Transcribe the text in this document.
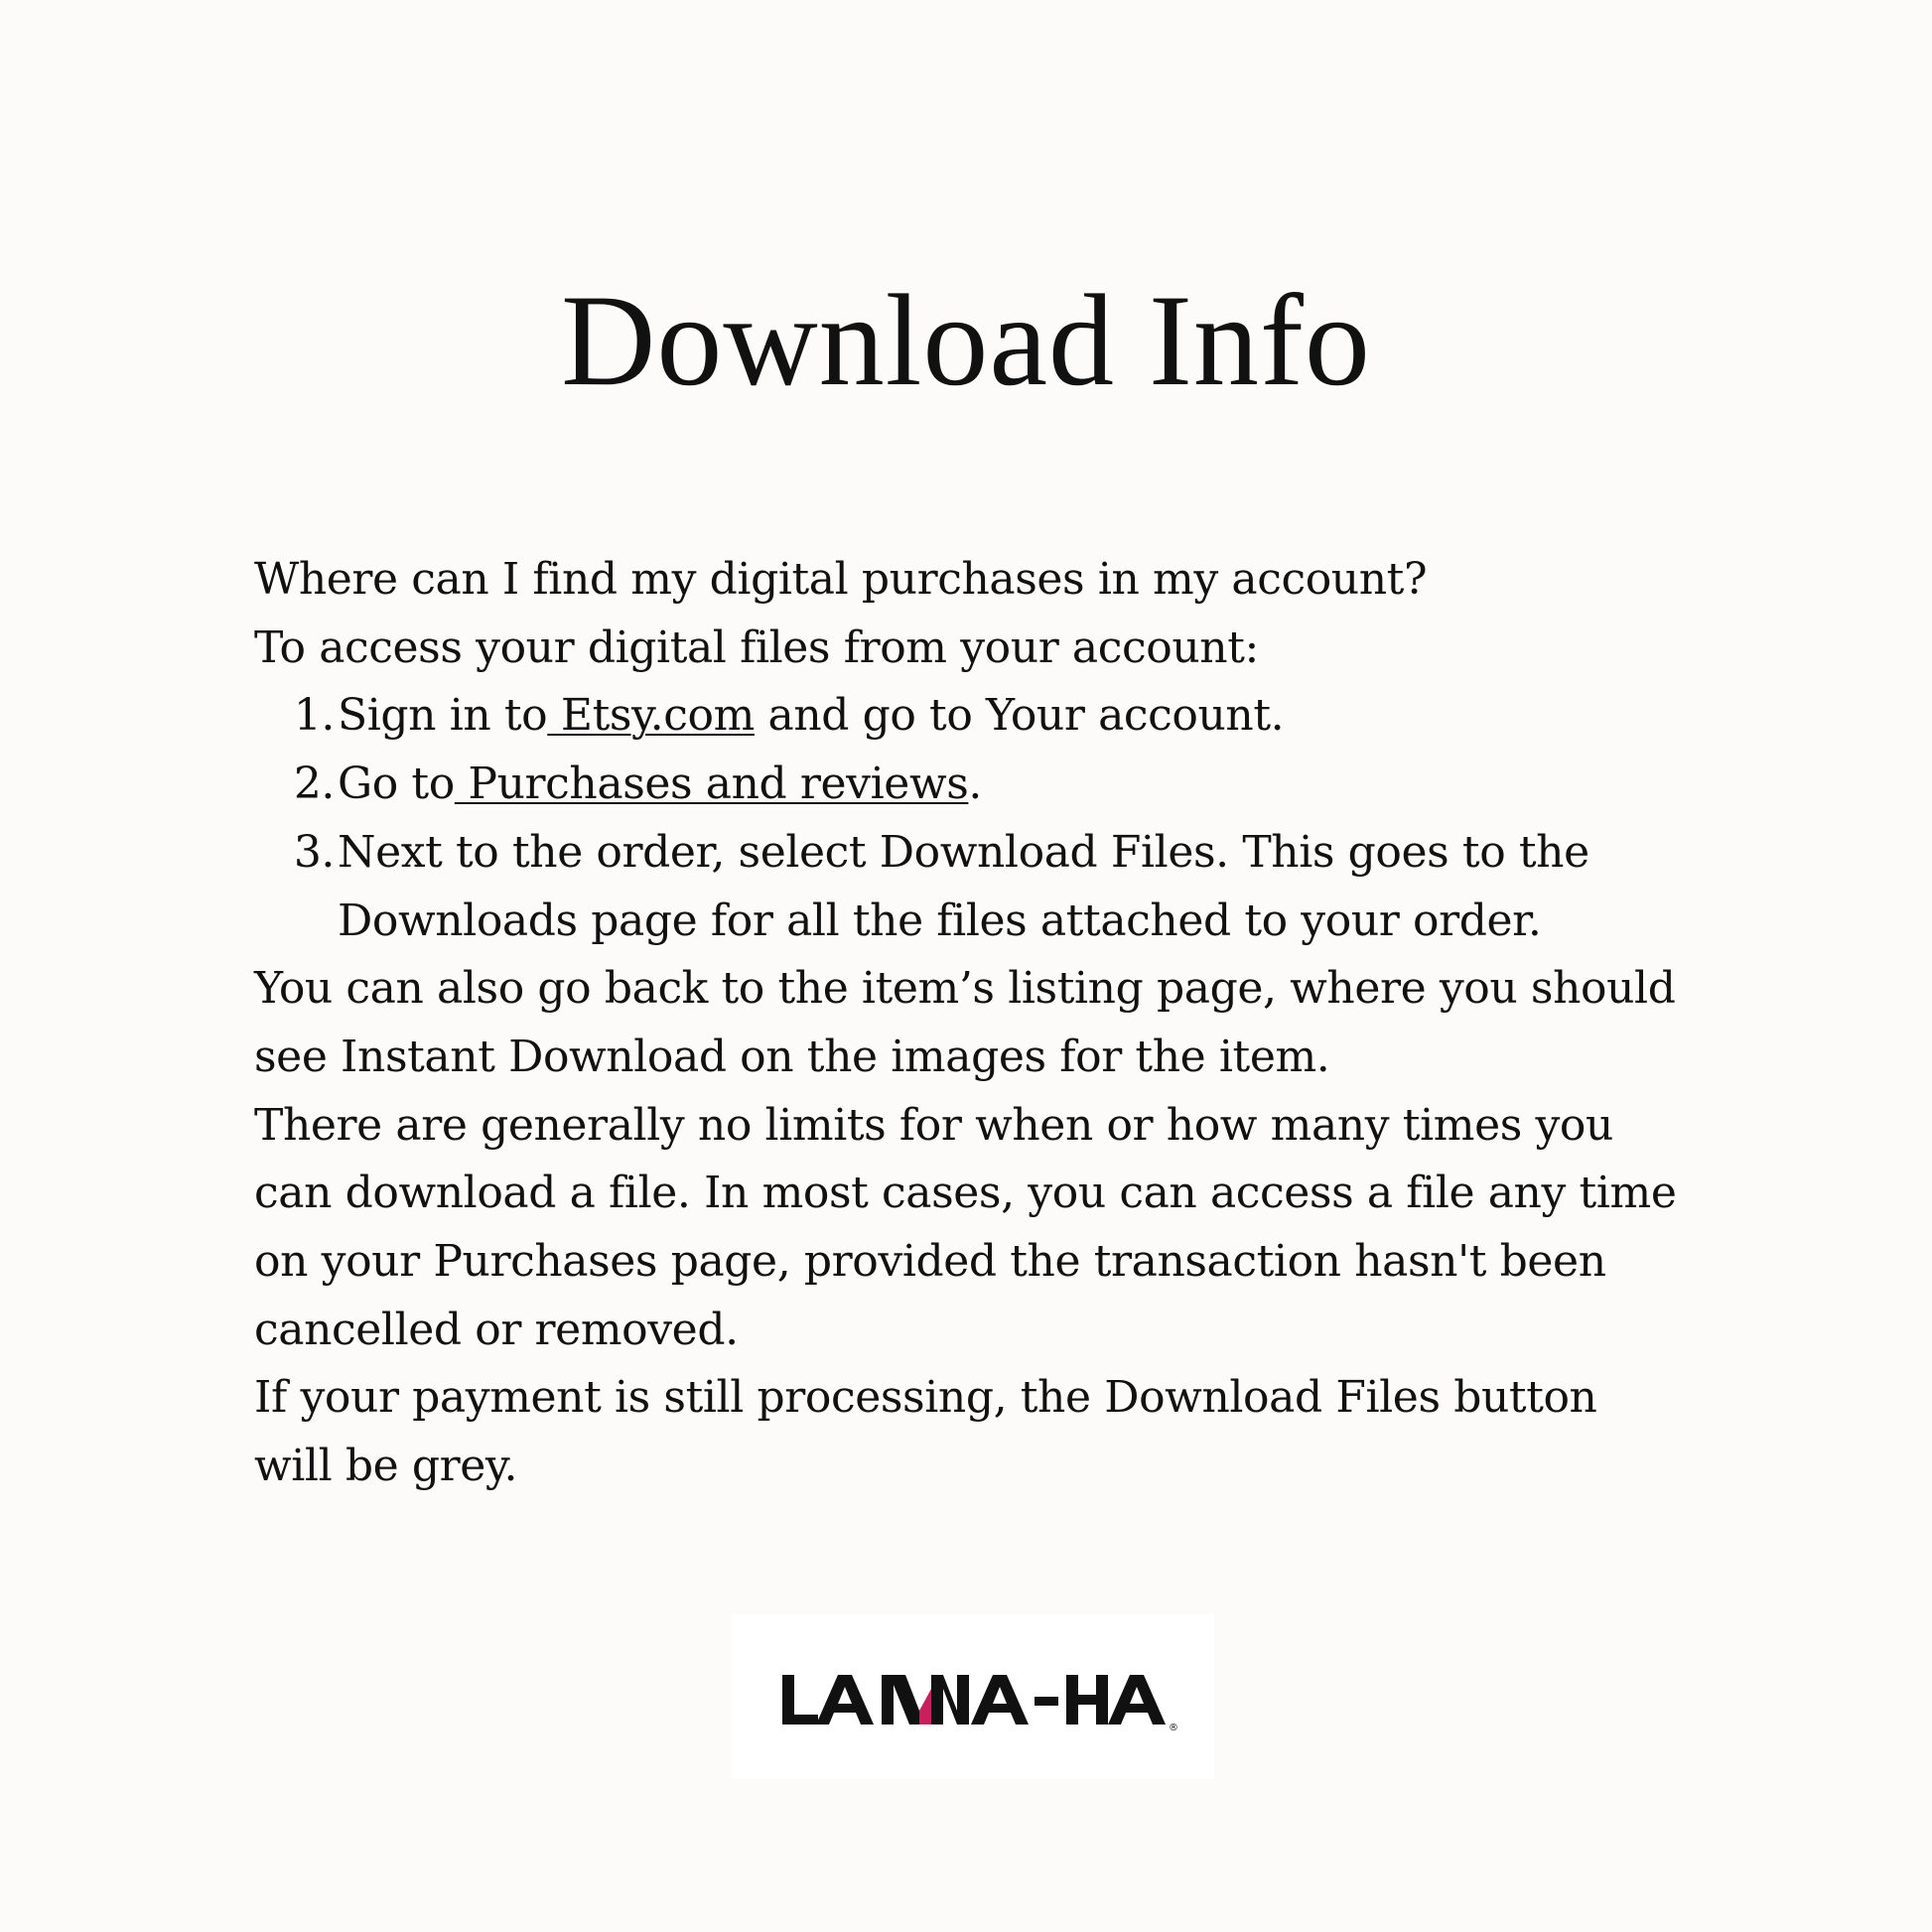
Download Info

Where can I find my digital purchases in my account?

To access your digital files from your account:

1. Sign in to Etsy.com and go to Your account.
2. Go to Purchases and reviews.
3. Next to the order, select Download Files. This goes to the Downloads page for all the files attached to your order.

You can also go back to the item’s listing page, where you should see Instant Download on the images for the item.

There are generally no limits for when or how many times you can download a file. In most cases, you can access a file any time on your Purchases page, provided the transaction hasn't been cancelled or removed.

If your payment is still processing, the Download Files button will be grey.

®
